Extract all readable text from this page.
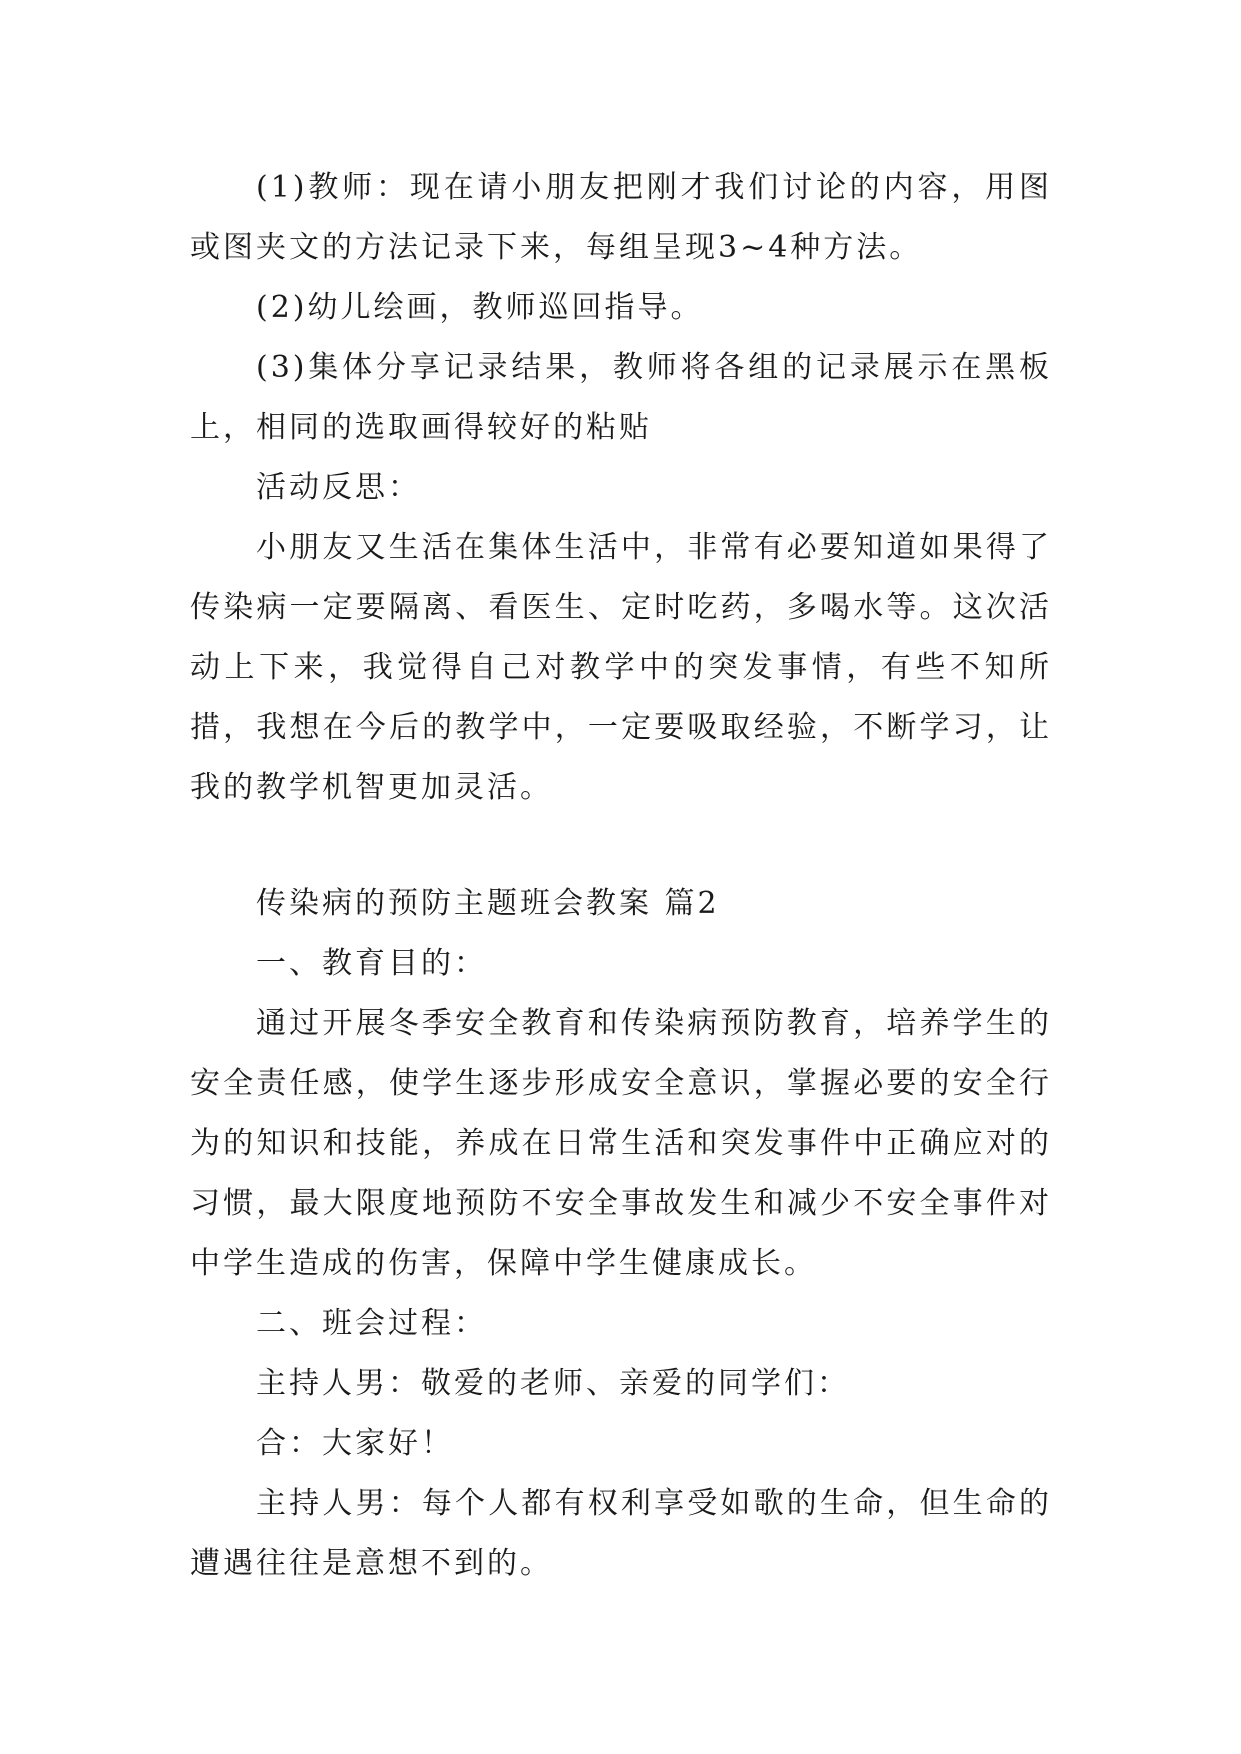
(1)教师：现在请小朋友把刚才我们讨论的内容，用图或图夹文的方法记录下来，每组呈现3~4种方法。

(2)幼儿绘画，教师巡回指导。

(3)集体分享记录结果，教师将各组的记录展示在黑板上，相同的选取画得较好的粘贴

活动反思：

小朋友又生活在集体生活中，非常有必要知道如果得了传染病一定要隔离、看医生、定时吃药，多喝水等。这次活动上下来，我觉得自己对教学中的突发事情，有些不知所措，我想在今后的教学中，一定要吸取经验，不断学习，让我的教学机智更加灵活。

传染病的预防主题班会教案 篇2

一、教育目的：

通过开展冬季安全教育和传染病预防教育，培养学生的安全责任感，使学生逐步形成安全意识，掌握必要的安全行为的知识和技能，养成在日常生活和突发事件中正确应对的习惯，最大限度地预防不安全事故发生和减少不安全事件对中学生造成的伤害，保障中学生健康成长。

二、班会过程：

主持人男：敬爱的老师、亲爱的同学们：

合：大家好！

主持人男：每个人都有权利享受如歌的生命，但生命的遭遇往往是意想不到的。
